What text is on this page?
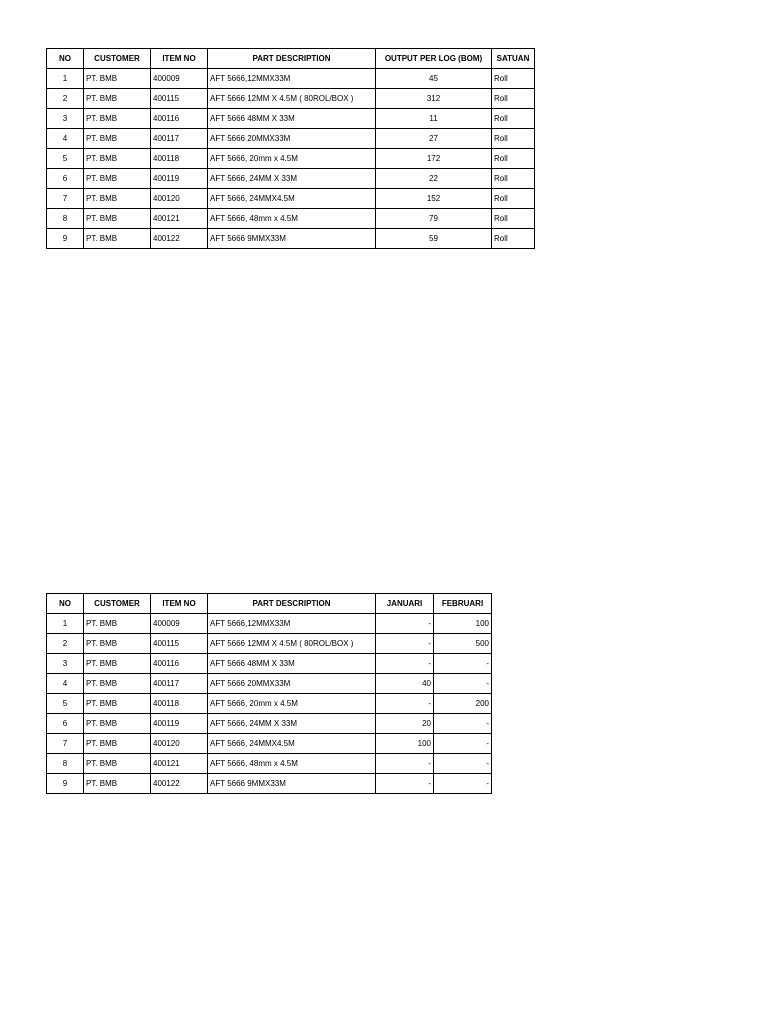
NO	CUSTOMER	ITEM NO	PART DESCRIPTION	OUTPUT PER LOG (BOM)	SATUAN
1	PT. BMB	400009	AFT 5666,12MMX33M	45	Roll
2	PT. BMB	400115	AFT 5666 12MM X 4.5M ( 80ROL/BOX )	312	Roll
3	PT. BMB	400116	AFT 5666 48MM X 33M	11	Roll
4	PT. BMB	400117	AFT 5666 20MMX33M	27	Roll
5	PT. BMB	400118	AFT 5666, 20mm x 4.5M	172	Roll
6	PT. BMB	400119	AFT 5666, 24MM X 33M	22	Roll
7	PT. BMB	400120	AFT 5666, 24MMX4.5M	152	Roll
8	PT. BMB	400121	AFT 5666, 48mm x 4.5M	79	Roll
9	PT. BMB	400122	AFT 5666 9MMX33M	59	Roll
NO	CUSTOMER	ITEM NO	PART DESCRIPTION	JANUARI	FEBRUARI
1	PT. BMB	400009	AFT 5666,12MMX33M	-	100
2	PT. BMB	400115	AFT 5666 12MM X 4.5M ( 80ROL/BOX )	-	500
3	PT. BMB	400116	AFT 5666 48MM X 33M	-	-
4	PT. BMB	400117	AFT 5666 20MMX33M	40	-
5	PT. BMB	400118	AFT 5666, 20mm x 4.5M	-	200
6	PT. BMB	400119	AFT 5666, 24MM X 33M	20	-
7	PT. BMB	400120	AFT 5666, 24MMX4.5M	100	-
8	PT. BMB	400121	AFT 5666, 48mm x 4.5M	-	-
9	PT. BMB	400122	AFT 5666 9MMX33M	-	-
